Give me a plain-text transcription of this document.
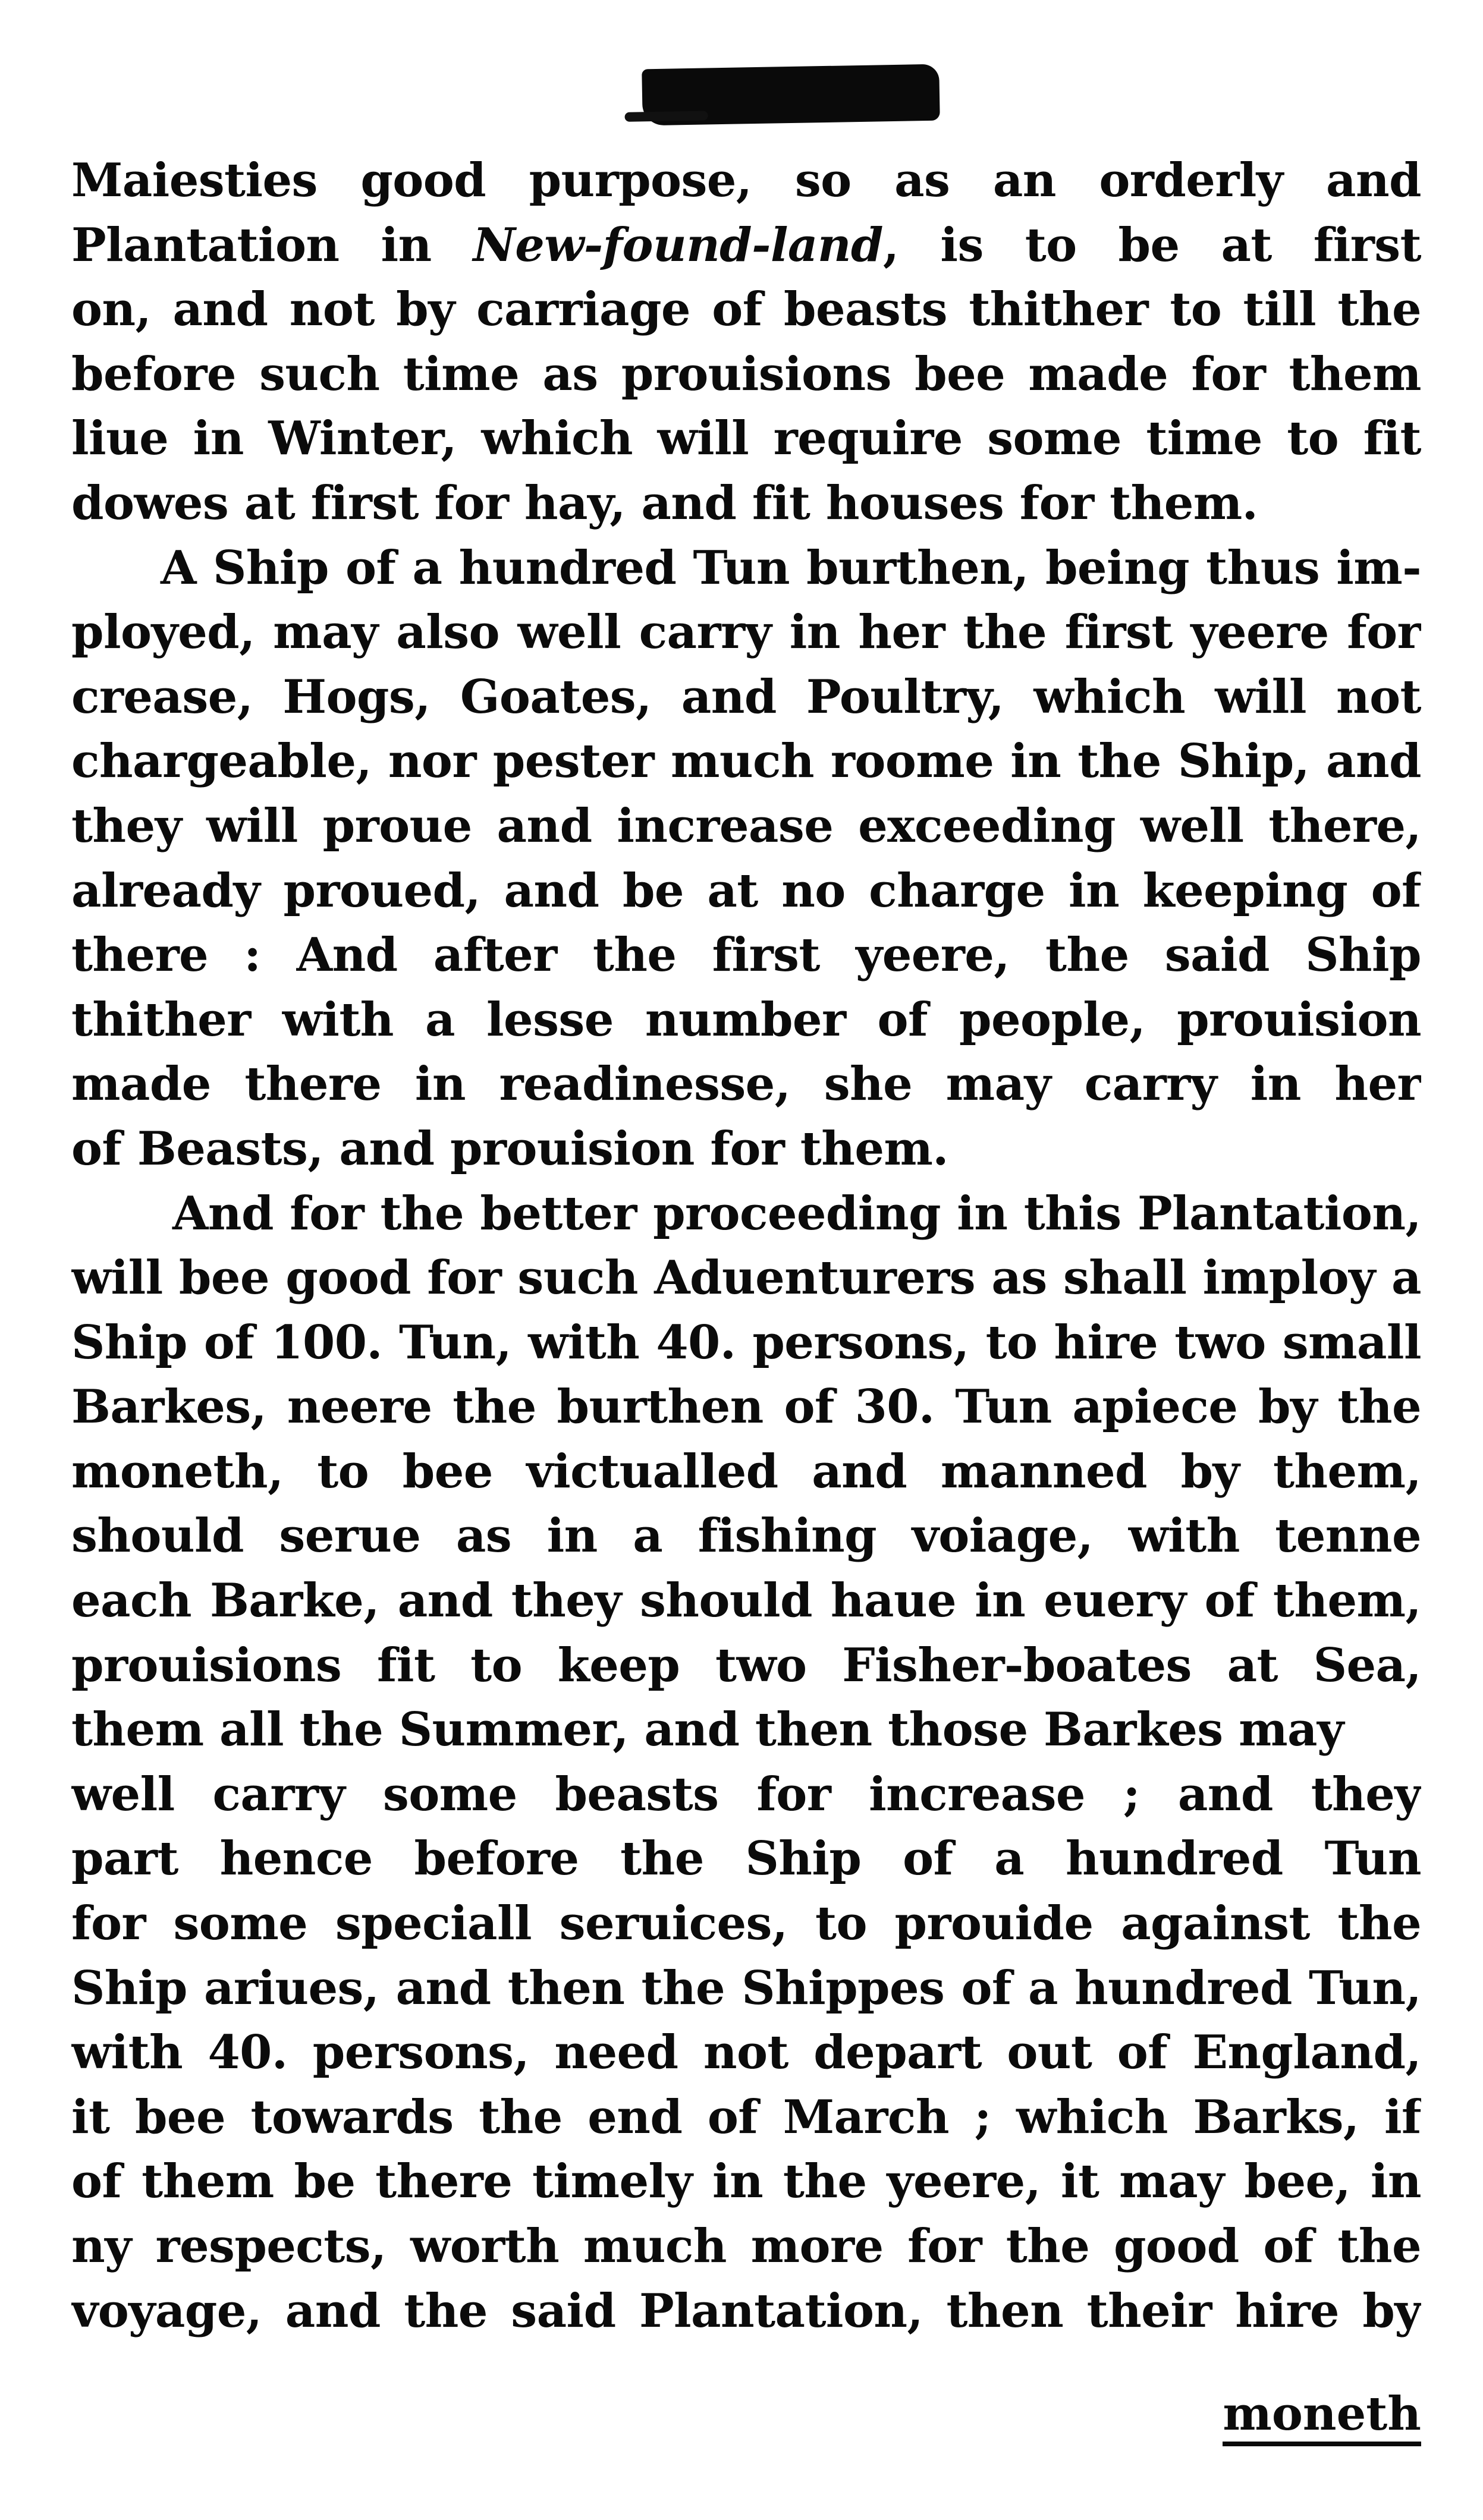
Maiesties good purpose, so as an orderly and
Plantation in New-found-land, is to be at first
on, and not by carriage of beasts thither to till the
before such time as prouisions bee made for them
liue in Winter, which will require some time to fit
dowes at first for hay, and fit houses for them.
A Ship of a hundred Tun burthen, being thus im-
ployed, may also well carry in her the first yeere for
crease, Hogs, Goates, and Poultry, which will not
chargeable, nor pester much roome in the Ship, and
they will proue and increase exceeding well there,
already proued, and be at no charge in keeping of
there : And after the first yeere, the said Ship
thither with a lesse number of people, prouision
made there in readinesse, she may carry in her
of Beasts, and prouision for them.
And for the better proceeding in this Plantation,
will bee good for such Aduenturers as shall imploy a
Ship of 100. Tun, with 40. persons, to hire two small
Barkes, neere the burthen of 30. Tun apiece by the
moneth, to bee victualled and manned by them,
should serue as in a fishing voiage, with tenne
each Barke, and they should haue in euery of them,
prouisions fit to keep two Fisher-boates at Sea,
them all the Summer, and then those Barkes may
well carry some beasts for increase ; and they
part hence before the Ship of a hundred Tun
for some speciall seruices, to prouide against the
Ship ariues, and then the Shippes of a hundred Tun,
with 40. persons, need not depart out of England,
it bee towards the end of March ; which Barks, if
of them be there timely in the yeere, it may bee, in
ny respects, worth much more for the good of the
voyage, and the said Plantation, then their hire by
moneth
